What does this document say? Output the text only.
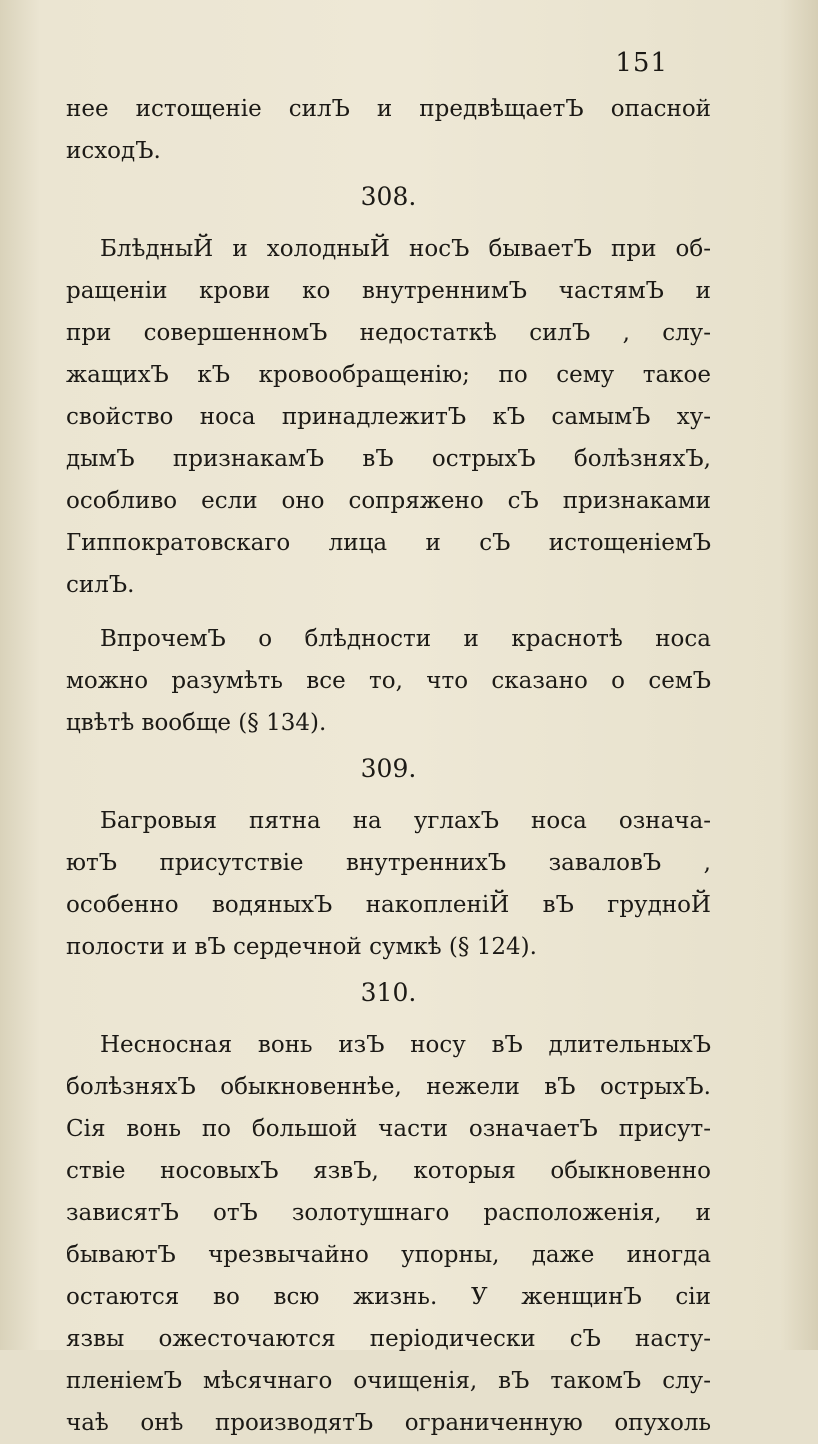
151
нее истощеніе силЪ и предвѣщаетЪ опасной
исходЪ.
308.
БлѣдныЙ и холодныЙ носЪ бываетЪ при об-
ращеніи крови ко внутреннимЪ частямЪ и
при совершенномЪ недостаткѣ силЪ , слу-
жащихЪ кЪ кровообращенію; по сему такое
свойство носа принадлежитЪ кЪ самымЪ ху-
дымЪ признакамЪ вЪ острыхЪ болѣзняхЪ,
особливо если оно сопряжено сЪ признаками
Гиппократовскаго лица и сЪ истощеніемЪ
силЪ.
ВпрочемЪ о блѣдности и краснотѣ носа
можно разумѣть все то, что сказано о семЪ
цвѣтѣ вообще (§ 134).
309.
Багровыя пятна на углахЪ носа означа-
ютЪ присутствіе внутреннихЪ заваловЪ ,
особенно водяныхЪ накопленіЙ вЪ грудноЙ
полости и вЪ сердечной сумкѣ (§ 124).
310.
Несносная вонь изЪ носу вЪ длительныхЪ
болѣзняхЪ обыкновеннѣе, нежели вЪ острыхЪ.
Сія вонь по большой части означаетЪ присут-
ствіе носовыхЪ язвЪ, которыя обыкновенно
зависятЪ отЪ золотушнаго расположенія, и
бываютЪ чрезвычайно упорны, даже иногда
остаются во всю жизнь. У женщинЪ сіи
язвы ожесточаются періодически сЪ насту-
пленіемЪ мѣсячнаго очищенія, вЪ такомЪ слу-
чаѣ онѣ производятЪ ограниченную опухоль
